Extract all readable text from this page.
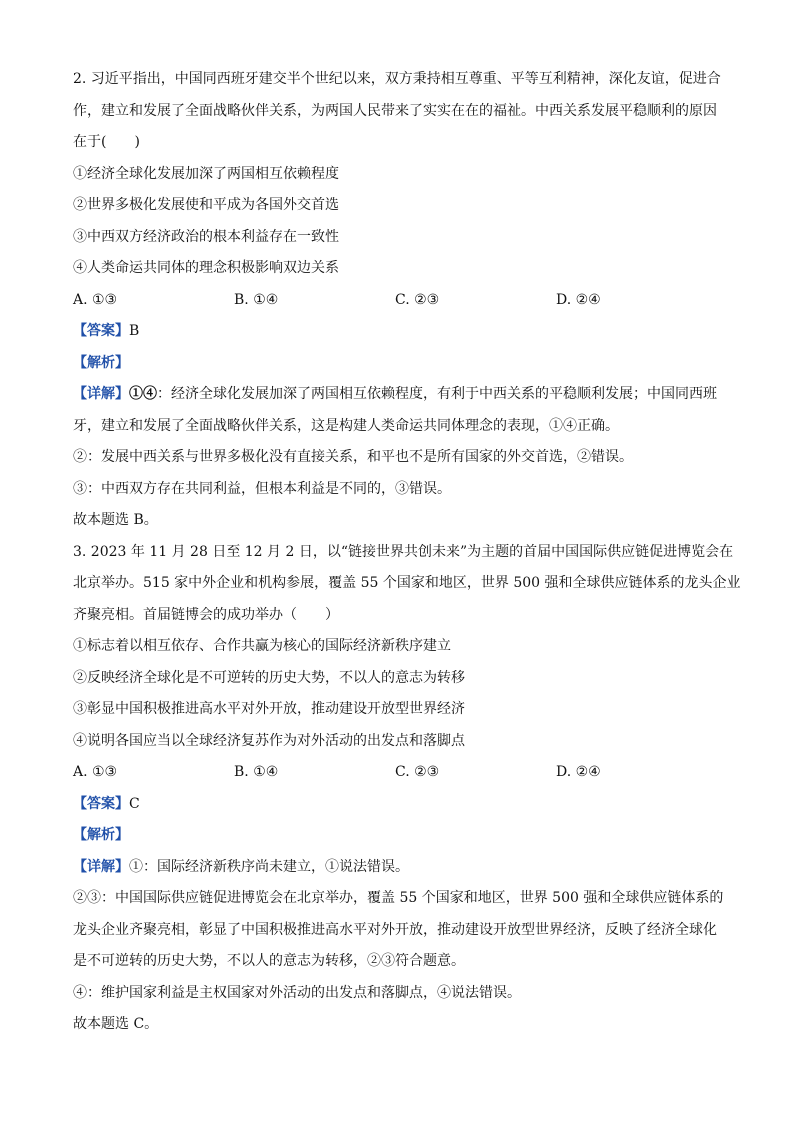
2. 习近平指出，中国同西班牙建交半个世纪以来，双方秉持相互尊重、平等互利精神，深化友谊，促进合

作，建立和发展了全面战略伙伴关系，为两国人民带来了实实在在的福祉。中西关系发展平稳顺利的原因

在于(　　)

①经济全球化发展加深了两国相互依赖程度

②世界多极化发展使和平成为各国外交首选

③中西双方经济政治的根本利益存在一致性

④人类命运共同体的理念积极影响双边关系

A. ①③	B. ①④	C. ②③	D. ②④

【答案】B

【解析】

【详解】①④：经济全球化发展加深了两国相互依赖程度，有利于中西关系的平稳顺利发展；中国同西班

牙，建立和发展了全面战略伙伴关系，这是构建人类命运共同体理念的表现，①④正确。

②：发展中西关系与世界多极化没有直接关系，和平也不是所有国家的外交首选，②错误。

③：中西双方存在共同利益，但根本利益是不同的，③错误。

故本题选 B。

3. 2023 年 11 月 28 日至 12 月 2 日，以“链接世界共创未来”为主题的首届中国国际供应链促进博览会在

北京举办。515 家中外企业和机构参展，覆盖 55 个国家和地区，世界 500 强和全球供应链体系的龙头企业

齐聚亮相。首届链博会的成功举办（　　）

①标志着以相互依存、合作共赢为核心的国际经济新秩序建立

②反映经济全球化是不可逆转的历史大势，不以人的意志为转移

③彰显中国积极推进高水平对外开放，推动建设开放型世界经济

④说明各国应当以全球经济复苏作为对外活动的出发点和落脚点

A. ①③	B. ①④	C. ②③	D. ②④

【答案】C

【解析】

【详解】①：国际经济新秩序尚未建立，①说法错误。

②③：中国国际供应链促进博览会在北京举办，覆盖 55 个国家和地区，世界 500 强和全球供应链体系的

龙头企业齐聚亮相，彰显了中国积极推进高水平对外开放，推动建设开放型世界经济，反映了经济全球化

是不可逆转的历史大势，不以人的意志为转移，②③符合题意。

④：维护国家利益是主权国家对外活动的出发点和落脚点，④说法错误。

故本题选 C。
